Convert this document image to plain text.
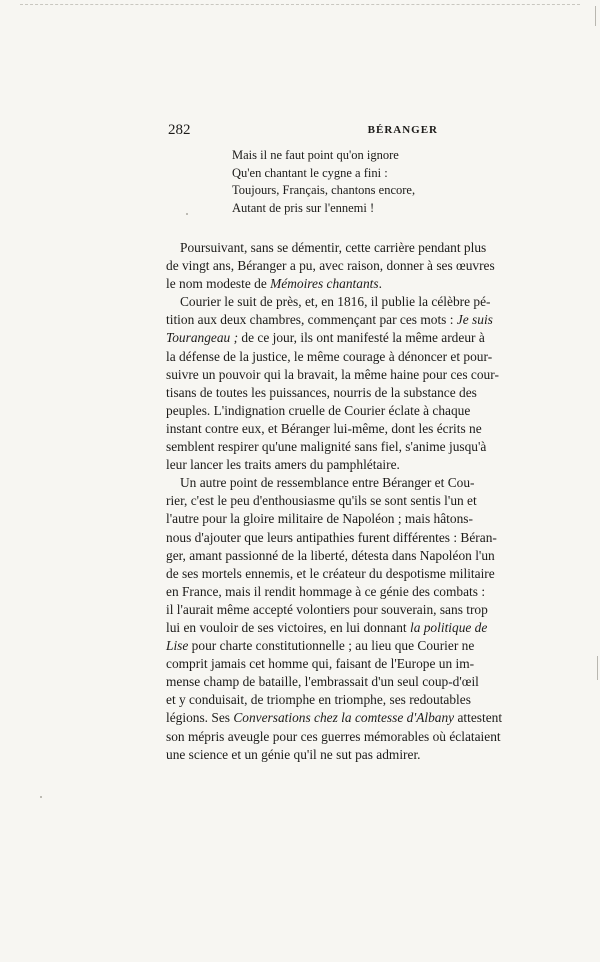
282	BÉRANGER
Mais il ne faut point qu'on ignore
Qu'en chantant le cygne a fini :
Toujours, Français, chantons encore,
Autant de pris sur l'ennemi !
Poursuivant, sans se démentir, cette carrière pendant plus
de vingt ans, Béranger a pu, avec raison, donner à ses œuvres
le nom modeste de Mémoires chantants.
Courier le suit de près, et, en 1816, il publie la célèbre pé-
tition aux deux chambres, commençant par ces mots : Je suis
Tourangeau ; de ce jour, ils ont manifesté la même ardeur à
la défense de la justice, le même courage à dénoncer et pour-
suivre un pouvoir qui la bravait, la même haine pour ces cour-
tisans de toutes les puissances, nourris de la substance des
peuples. L'indignation cruelle de Courier éclate à chaque
instant contre eux, et Béranger lui-même, dont les écrits ne
semblent respirer qu'une malignité sans fiel, s'anime jusqu'à
leur lancer les traits amers du pamphlétaire.
Un autre point de ressemblance entre Béranger et Cou-
rier, c'est le peu d'enthousiasme qu'ils se sont sentis l'un et
l'autre pour la gloire militaire de Napoléon ; mais hâtons-
nous d'ajouter que leurs antipathies furent différentes : Béran-
ger, amant passionné de la liberté, détesta dans Napoléon l'un
de ses mortels ennemis, et le créateur du despotisme militaire
en France, mais il rendit hommage à ce génie des combats :
il l'aurait même accepté volontiers pour souverain, sans trop
lui en vouloir de ses victoires, en lui donnant la politique de
Lise pour charte constitutionnelle ; au lieu que Courier ne
comprit jamais cet homme qui, faisant de l'Europe un im-
mense champ de bataille, l'embrassait d'un seul coup-d'œil
et y conduisait, de triomphe en triomphe, ses redoutables
légions. Ses Conversations chez la comtesse d'Albany attestent
son mépris aveugle pour ces guerres mémorables où éclataient
une science et un génie qu'il ne sut pas admirer.
